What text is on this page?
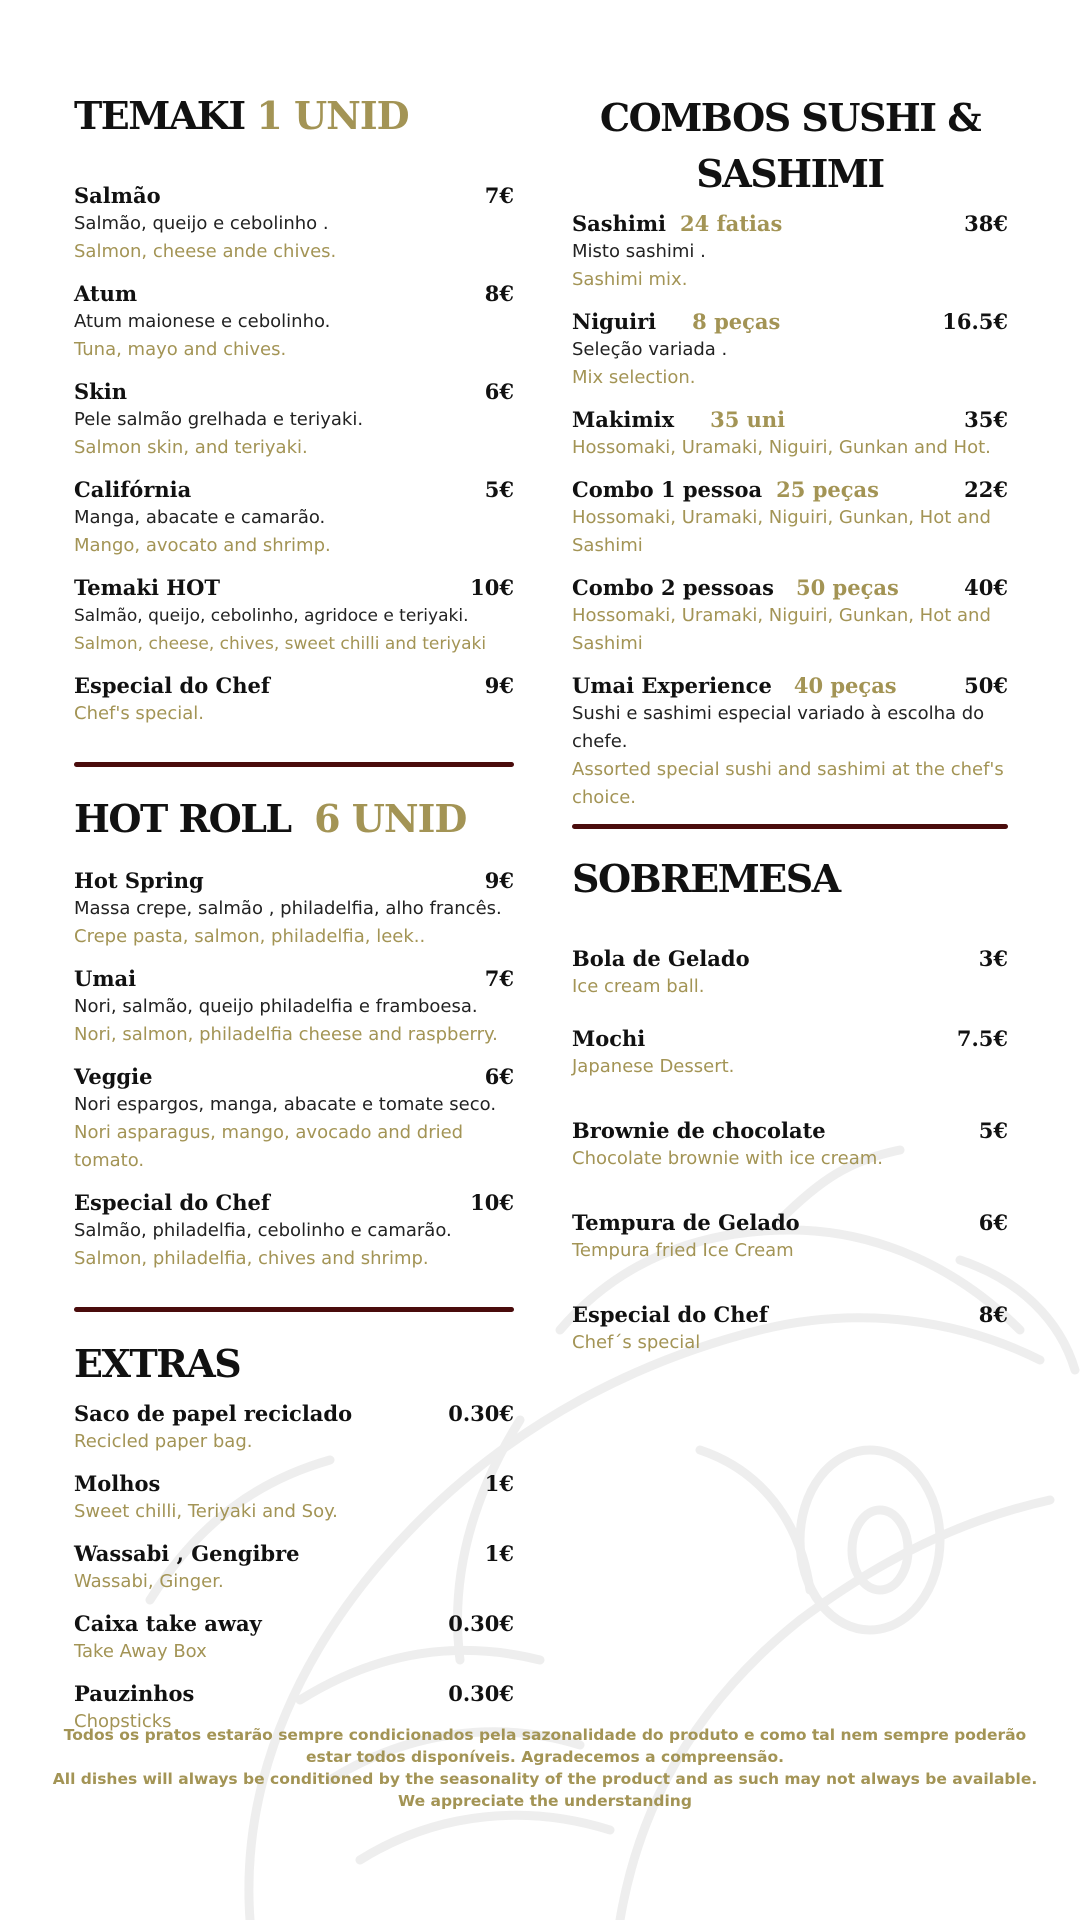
TEMAKI 1 UNID
Salmão	7€
Salmão, queijo e cebolinho .
Salmon, cheese ande chives.
Atum	8€
Atum maionese e cebolinho.
Tuna, mayo and chives.
Skin	6€
Pele salmão grelhada e teriyaki.
Salmon skin, and teriyaki.
Califórnia	5€
Manga, abacate e camarão.
Mango, avocato and shrimp.
Temaki HOT	10€
Salmão, queijo, cebolinho, agridoce e teriyaki.
Salmon, cheese, chives, sweet chilli and teriyaki
Especial do Chef	9€
Chef's special.
HOT ROLL 6 UNID
Hot Spring	9€
Massa crepe, salmão , philadelfia, alho francês.
Crepe pasta, salmon, philadelfia, leek..
Umai	7€
Nori, salmão, queijo philadelfia e framboesa.
Nori, salmon, philadelfia cheese and raspberry.
Veggie	6€
Nori espargos, manga, abacate e tomate seco.
Nori asparagus, mango, avocado and dried tomato.
Especial do Chef	10€
Salmão, philadelfia, cebolinho e camarão.
Salmon, philadelfia, chives and shrimp.
EXTRAS
Saco de papel reciclado	0.30€
Recicled paper bag.
Molhos	1€
Sweet chilli, Teriyaki and Soy.
Wassabi , Gengibre	1€
Wassabi, Ginger.
Caixa take away	0.30€
Take Away Box
Pauzinhos	0.30€
Chopsticks
COMBOS SUSHI &
SASHIMI
Sashimi 24 fatias	38€
Misto sashimi .
Sashimi mix.
Niguiri 8 peças	16.5€
Seleção variada .
Mix selection.
Makimix 35 uni	35€
Hossomaki, Uramaki, Niguiri, Gunkan and Hot.
Combo 1 pessoa 25 peças	22€
Hossomaki, Uramaki, Niguiri, Gunkan, Hot and Sashimi
Combo 2 pessoas 50 peças	40€
Hossomaki, Uramaki, Niguiri, Gunkan, Hot and Sashimi
Umai Experience 40 peças	50€
Sushi e sashimi especial variado à escolha do chefe.
Assorted special sushi and sashimi at the chef's choice.
SOBREMESA
Bola de Gelado	3€
Ice cream ball.
Mochi	7.5€
Japanese Dessert.
Brownie de chocolate	5€
Chocolate brownie with ice cream.
Tempura de Gelado	6€
Tempura fried Ice Cream
Especial do Chef	8€
Chef´s special
Todos os pratos estarão sempre condicionados pela sazonalidade do produto e como tal nem sempre poderão estar todos disponíveis. Agradecemos a compreensão.
All dishes will always be conditioned by the seasonality of the product and as such may not always be available.
We appreciate the understanding
